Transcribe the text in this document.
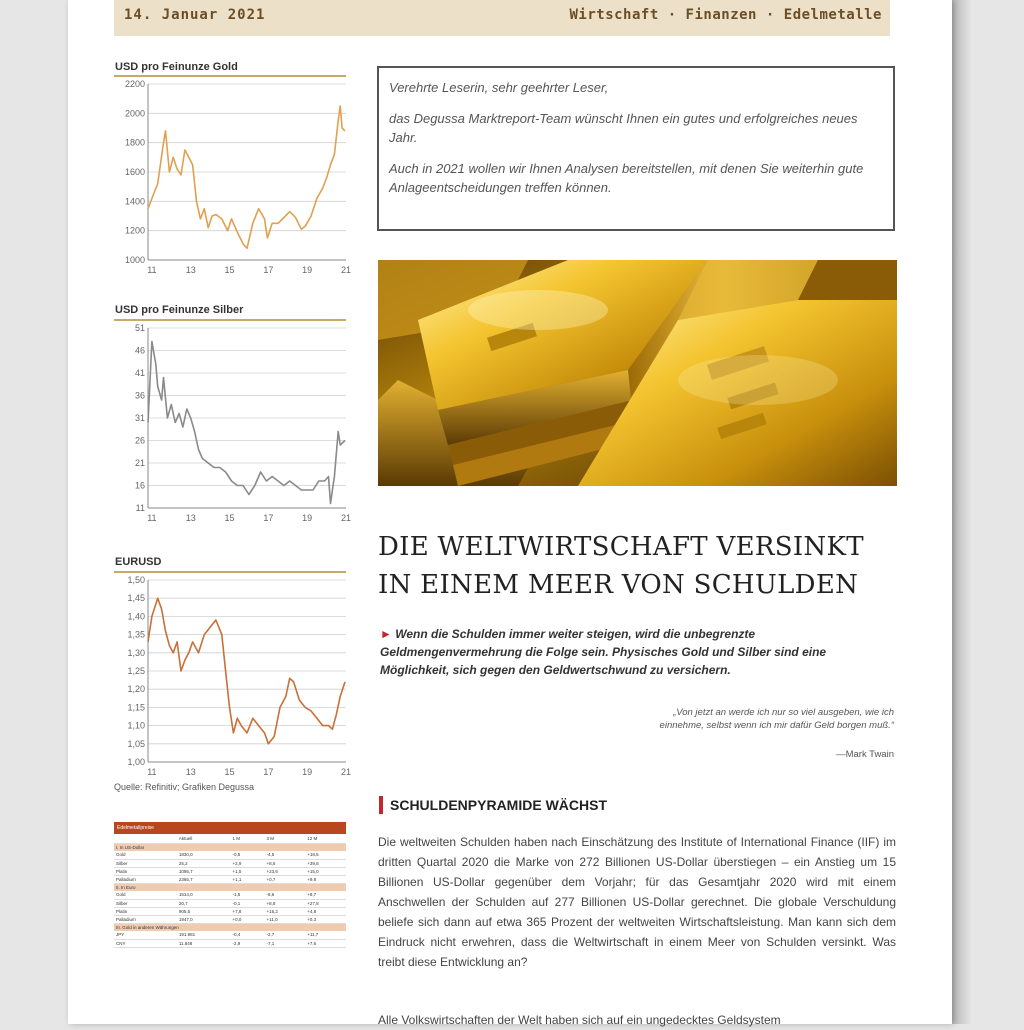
14. Januar 2021	Wirtschaft · Finanzen · Edelmetalle
USD pro Feinunze Gold
1000
1200
1400
1600
1800
2000
2200
11	13	15	17	19	21
USD pro Feinunze Silber
11
16
21
26
31
36
41
46
51
11	13	15	17	19	21
EURUSD
1,00
1,05
1,10
1,15
1,20
1,25
1,30
1,35
1,40
1,45
1,50
11	13	15	17	19	21
Quelle: Refinitiv; Grafiken Degussa
Edelmetallpreise
	Aktuell	1 M	3 M	12 M
I. In US-Dollar				
Gold	1830,0	-0,5	-4,5	+18,5
Silber	25,2	+2,9	+8,6	+39,8
Platin	1095,7	+1,5	+23,6	+15,0
Palladium	2365,7	+1,1	+0,7	+9,8
II. In Euro				
Gold	1514,0	-1,5	-8,6	+8,7
Silber	20,7	-0,1	+8,8	+27,8
Platin	905,5	+7,8	+16,2	+4,8
Palladium	1947,0	+0,0	+11,0	+0,3
III. Gold in anderen Währungen				
JPY	191.981	-0,4	-2,7	+11,7
CNY	11.848	-2,9	-7,1	+7,6

Verehrte Leserin, sehr geehrter Leser,

das Degussa Marktreport-Team wünscht Ihnen ein gutes und erfolgreiches neues Jahr.

Auch in 2021 wollen wir Ihnen Analysen bereitstellen, mit denen Sie weiterhin gute Anlageentscheidungen treffen können.

DIE WELTWIRTSCHAFT VERSINKT
IN EINEM MEER VON SCHULDEN
► Wenn die Schulden immer weiter steigen, wird die unbegrenzte Geldmengenvermehrung die Folge sein. Physisches Gold und Silber sind eine Möglichkeit, sich gegen den Geldwertschwund zu versichern.
„Von jetzt an werde ich nur so viel ausgeben, wie ich einnehme, selbst wenn ich mir dafür Geld borgen muß.“
—Mark Twain
SCHULDENPYRAMIDE WÄCHST
Die weltweiten Schulden haben nach Einschätzung des Institute of International Finance (IIF) im dritten Quartal 2020 die Marke von 272 Billionen US-Dollar überstiegen – ein Anstieg um 15 Billionen US-Dollar gegenüber dem Vorjahr; für das Gesamtjahr 2020 wird mit einem Anschwellen der Schulden auf 277 Billionen US-Dollar gerechnet. Die globale Verschuldung beliefe sich dann auf etwa 365 Prozent der weltweiten Wirtschaftsleistung. Man kann sich dem Eindruck nicht erwehren, dass die Weltwirtschaft in einem Meer von Schulden versinkt. Was treibt diese Entwicklung an?
Alle Volkswirtschaften der Welt haben sich auf ein ungedecktes Geldsystem
